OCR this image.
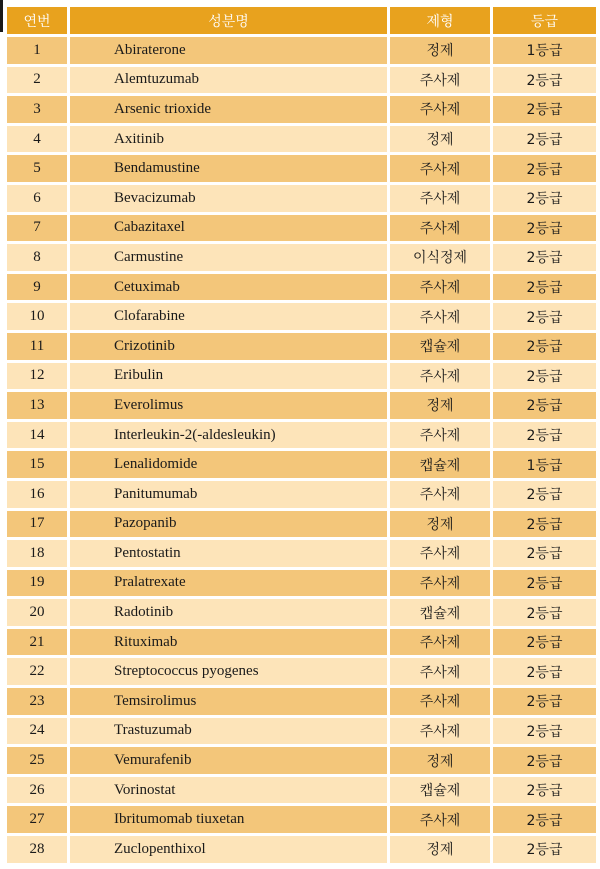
연번	성분명	제형	등급
1	Abiraterone	정제	1등급
2	Alemtuzumab	주사제	2등급
3	Arsenic trioxide	주사제	2등급
4	Axitinib	정제	2등급
5	Bendamustine	주사제	2등급
6	Bevacizumab	주사제	2등급
7	Cabazitaxel	주사제	2등급
8	Carmustine	이식정제	2등급
9	Cetuximab	주사제	2등급
10	Clofarabine	주사제	2등급
11	Crizotinib	캡슐제	2등급
12	Eribulin	주사제	2등급
13	Everolimus	정제	2등급
14	Interleukin-2(-aldesleukin)	주사제	2등급
15	Lenalidomide	캡슐제	1등급
16	Panitumumab	주사제	2등급
17	Pazopanib	정제	2등급
18	Pentostatin	주사제	2등급
19	Pralatrexate	주사제	2등급
20	Radotinib	캡슐제	2등급
21	Rituximab	주사제	2등급
22	Streptococcus pyogenes	주사제	2등급
23	Temsirolimus	주사제	2등급
24	Trastuzumab	주사제	2등급
25	Vemurafenib	정제	2등급
26	Vorinostat	캡슐제	2등급
27	Ibritumomab tiuxetan	주사제	2등급
28	Zuclopenthixol	정제	2등급
